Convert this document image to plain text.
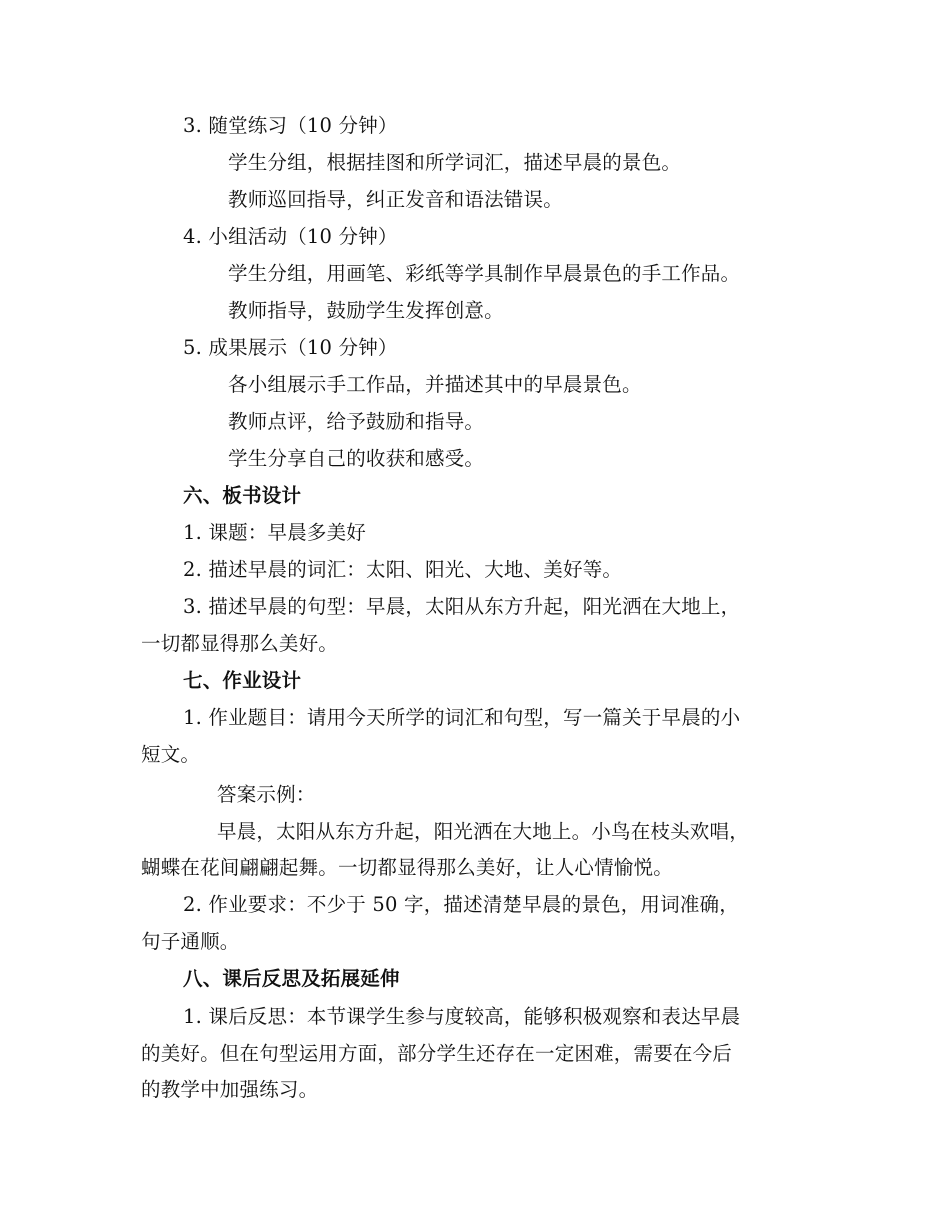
3. 随堂练习（10 分钟）
学生分组，根据挂图和所学词汇，描述早晨的景色。
教师巡回指导，纠正发音和语法错误。
4. 小组活动（10 分钟）
学生分组，用画笔、彩纸等学具制作早晨景色的手工作品。
教师指导，鼓励学生发挥创意。
5. 成果展示（10 分钟）
各小组展示手工作品，并描述其中的早晨景色。
教师点评，给予鼓励和指导。
学生分享自己的收获和感受。
六、板书设计
1. 课题：早晨多美好
2. 描述早晨的词汇：太阳、阳光、大地、美好等。
3. 描述早晨的句型：早晨，太阳从东方升起，阳光洒在大地上，
一切都显得那么美好。
七、作业设计
1. 作业题目：请用今天所学的词汇和句型，写一篇关于早晨的小
短文。
答案示例：
早晨，太阳从东方升起，阳光洒在大地上。小鸟在枝头欢唱，
蝴蝶在花间翩翩起舞。一切都显得那么美好，让人心情愉悦。
2. 作业要求：不少于 50 字，描述清楚早晨的景色，用词准确，
句子通顺。
八、课后反思及拓展延伸
1. 课后反思：本节课学生参与度较高，能够积极观察和表达早晨
的美好。但在句型运用方面，部分学生还存在一定困难，需要在今后
的教学中加强练习。
